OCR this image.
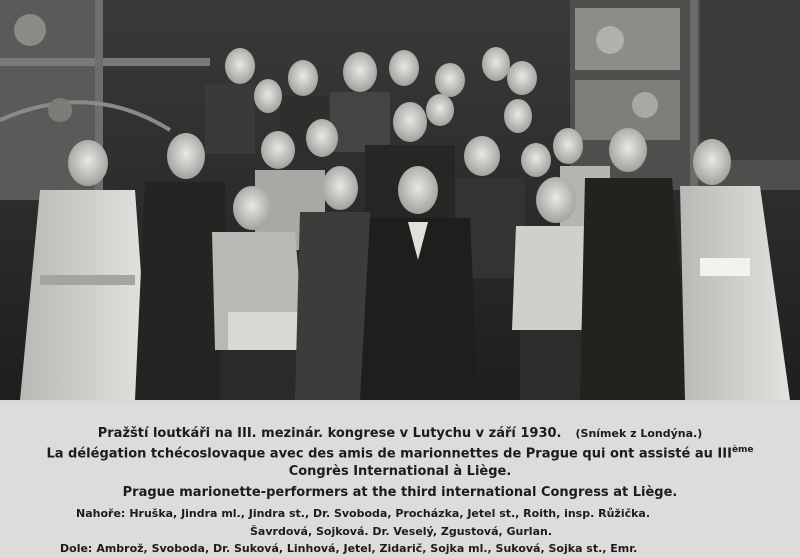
Pražští loutkáři na III. mezinár. kongrese v Lutychu v září 1930. (Snímek z Londýna.)
La délégation tchécoslovaque avec des amis de marionnettes de Prague qui ont assisté au IIIème
Congrès International à Liège.
Prague marionette-performers at the third international Congress at Liège.
Nahoře: Hruška, Jindra ml., Jindra st., Dr. Svoboda, Procházka, Jetel st., Roith, insp. Růžička.
Šavrdová, Sojková. Dr. Veselý, Zgustová, Gurlan.
Dole: Ambrož, Svoboda, Dr. Suková, Linhová, Jetel, Zidarič, Sojka ml., Suková, Sojka st., Emr.
